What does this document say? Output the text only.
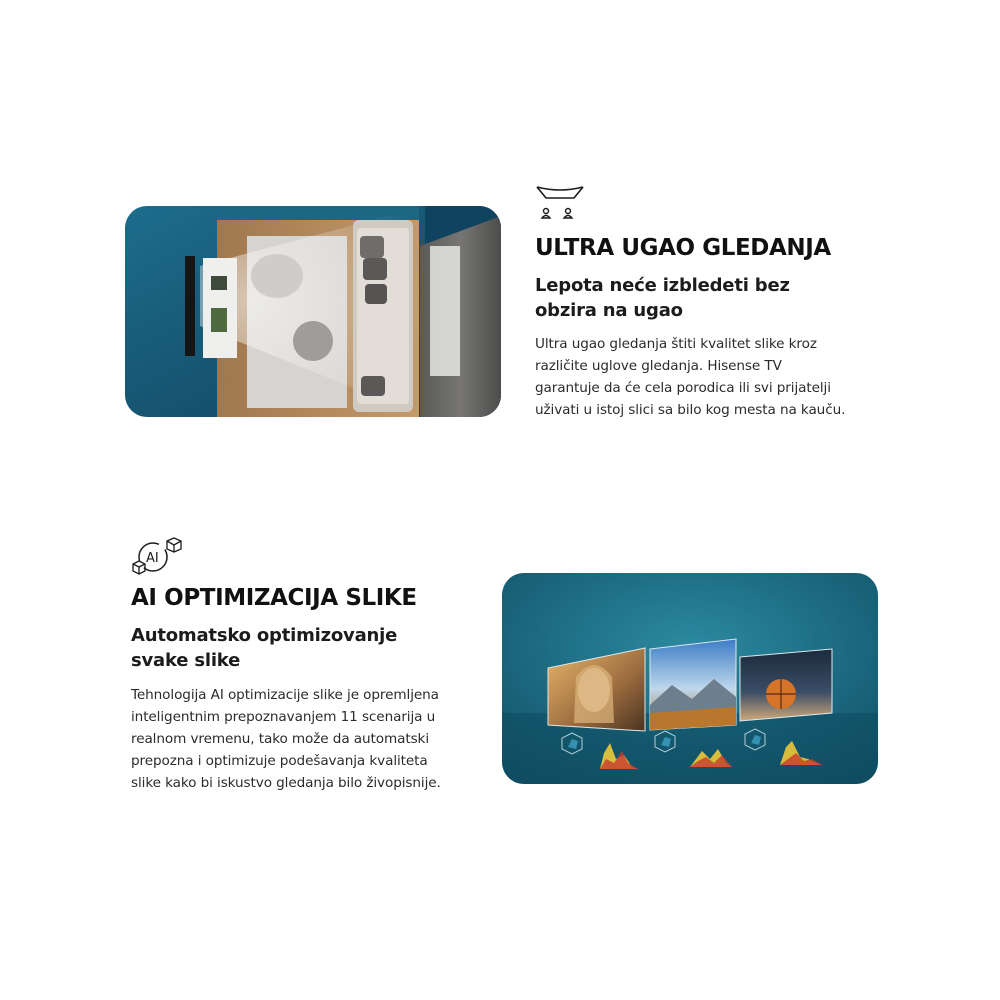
ULTRA UGAO GLEDANJA

Lepota neće izbledeti bez
obzira na ugao

Ultra ugao gledanja štiti kvalitet slike kroz
različite uglove gledanja. Hisense TV
garantuje da će cela porodica ili svi prijatelji
uživati u istoj slici sa bilo kog mesta na kauču.

AI
AI OPTIMIZACIJA SLIKE

Automatsko optimizovanje
svake slike

Tehnologija AI optimizacije slike je opremljena
inteligentnim prepoznavanjem 11 scenarija u
realnom vremenu, tako može da automatski
prepozna i optimizuje podešavanja kvaliteta
slike kako bi iskustvo gledanja bilo živopisnije.
